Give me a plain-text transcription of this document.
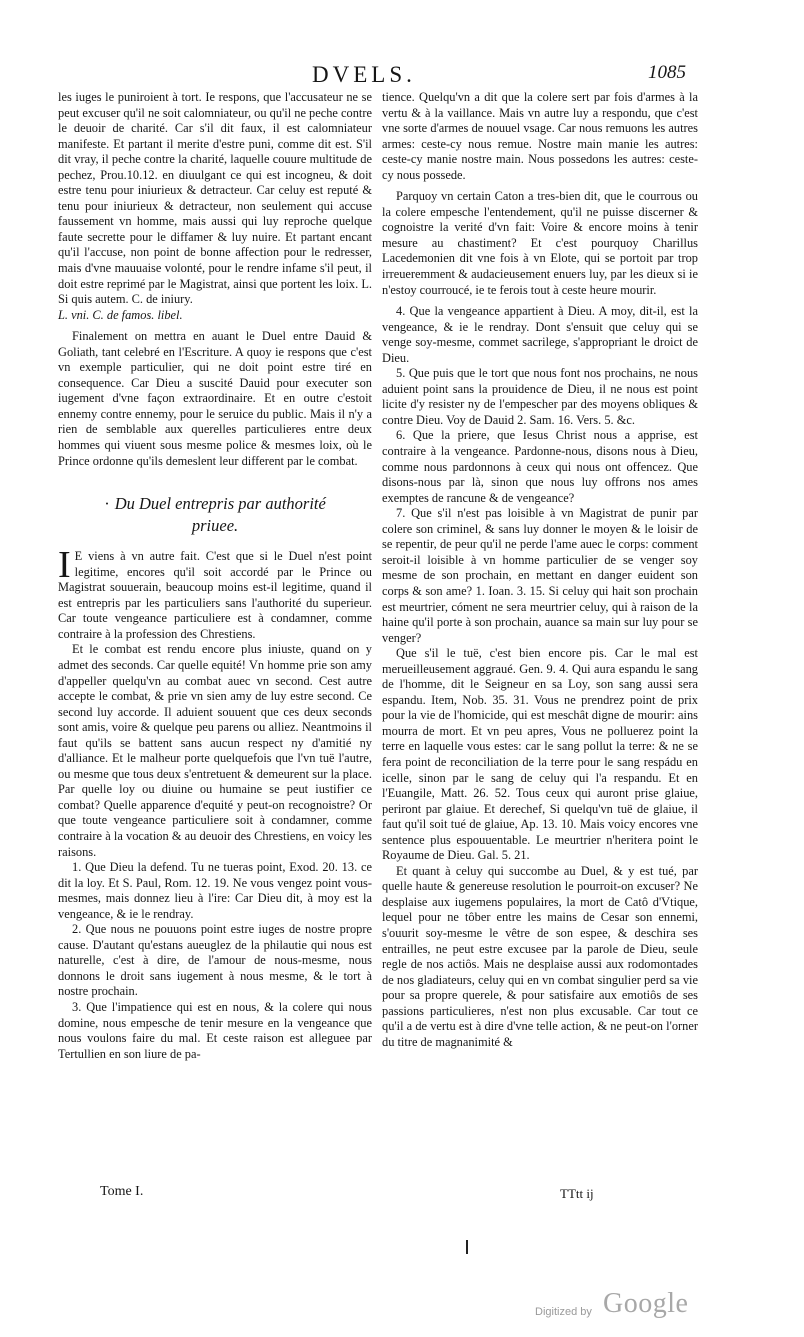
DVELS.	1085

les iuges le puniroient à tort. Ie respons, que l'accusateur ne se peut excuser qu'il ne soit calomniateur, ou qu'il ne peche contre le deuoir de charité. Car s'il dit faux, il est calomniateur manifeste. Et partant il merite d'estre puni, comme dit est. S'il dit vray, il peche contre la charité, laquelle couure multitude de pechez, Prou.10.12. en diuulgant ce qui est incogneu, & doit estre tenu pour iniurieux & detracteur. Car celuy est reputé & tenu pour iniurieux & detracteur, non seulement qui accuse faussement vn homme, mais aussi qui luy reproche quelque faute secrette pour le diffamer & luy nuire. Et partant encant qu'il l'accuse, non point de bonne affection pour le redresser, mais d'vne mauuaise volonté, pour le rendre infame s'il peut, il doit estre reprimé par le Magistrat, ainsi que portent les loix. L. Si quis autem. C. de iniury.

L. vni. C. de famos. libel.

Finalement on mettra en auant le Duel entre Dauid & Goliath, tant celebré en l'Escriture. A quoy ie respons que c'est vn exemple particulier, qui ne doit point estre tiré en consequence. Car Dieu a suscité Dauid pour executer son iugement d'vne façon extraordinaire. Et en outre c'estoit ennemy contre ennemy, pour le seruice du public. Mais il n'y a rien de semblable aux querelles particulieres entre deux hommes qui viuent sous mesme police & mesmes loix, où le Prince ordonne qu'ils demeslent leur different par le combat.

· Du Duel entrepris par authorité
priuee.

I E viens à vn autre fait. C'est que si le Duel n'est point legitime, encores qu'il soit accordé par le Prince ou Magistrat souuerain, beaucoup moins est-il legitime, quand il est entrepris par les particuliers sans l'authorité du superieur. Car toute vengeance particuliere est à condamner, comme contraire à la profession des Chrestiens.

Et le combat est rendu encore plus iniuste, quand on y admet des seconds. Car quelle equité! Vn homme prie son amy d'appeller quelqu'vn au combat auec vn second. Cest autre accepte le combat, & prie vn sien amy de luy estre second. Ce second luy accorde. Il aduient souuent que ces deux seconds sont amis, voire & quelque peu parens ou alliez. Neantmoins il faut qu'ils se battent sans aucun respect ny d'amitié ny d'alliance. Et le malheur porte quelquefois que l'vn tuë l'autre, ou mesme que tous deux s'entretuent & demeurent sur la place. Par quelle loy ou diuine ou humaine se peut iustifier ce combat? Quelle apparence d'equité y peut-on recognoistre? Or que toute vengeance particuliere soit à condamner, comme contraire à la vocation & au deuoir des Chrestiens, en voicy les raisons.

1. Que Dieu la defend. Tu ne tueras point, Exod. 20. 13. ce dit la loy. Et S. Paul, Rom. 12. 19. Ne vous vengez point vous-mesmes, mais donnez lieu à l'ire: Car Dieu dit, à moy est la vengeance, & ie le rendray.

2. Que nous ne pouuons point estre iuges de nostre propre cause. D'autant qu'estans aueuglez de la philautie qui nous est naturelle, c'est à dire, de l'amour de nous-mesme, nous donnons le droit sans iugement à nous mesme, & le tort à nostre prochain.

3. Que l'impatience qui est en nous, & la colere qui nous domine, nous empesche de tenir mesure en la vengeance que nous voulons faire du mal. Et ceste raison est alleguee par Tertullien en son liure de pa-

tience. Quelqu'vn a dit que la colere sert par fois d'armes à la vertu & à la vaillance. Mais vn autre luy a respondu, que c'est vne sorte d'armes de nouuel vsage. Car nous remuons les autres armes: ceste-cy nous remue. Nostre main manie les autres: ceste-cy manie nostre main. Nous possedons les autres: ceste-cy nous possede.

Parquoy vn certain Caton a tres-bien dit, que le courrous ou la colere empesche l'entendement, qu'il ne puisse discerner & cognoistre la verité d'vn fait: Voire & encore moins à tenir mesure au chastiment? Et c'est pourquoy Charillus Lacedemonien dit vne fois à vn Elote, qui se portoit par trop irreueremment & audacieusement enuers luy, par les dieux si ie n'estoy courroucé, ie te ferois tout à ceste heure mourir.

4. Que la vengeance appartient à Dieu. A moy, dit-il, est la vengeance, & ie le rendray. Dont s'ensuit que celuy qui se venge soy-mesme, commet sacrilege, s'appropriant le droict de Dieu.

5. Que puis que le tort que nous font nos prochains, ne nous aduient point sans la prouidence de Dieu, il ne nous est point licite d'y resister ny de l'empescher par des moyens obliques & contre Dieu. Voy de Dauid 2. Sam. 16. Vers. 5. &c.

6. Que la priere, que Iesus Christ nous a apprise, est contraire à la vengeance. Pardonne-nous, disons nous à Dieu, comme nous pardonnons à ceux qui nous ont offencez. Que disons-nous par là, sinon que nous luy offrons nos ames exemptes de rancune & de vengeance?

7. Que s'il n'est pas loisible à vn Magistrat de punir par colere son criminel, & sans luy donner le moyen & le loisir de se repentir, de peur qu'il ne perde l'ame auec le corps: comment seroit-il loisible à vn homme particulier de se venger soy mesme de son prochain, en mettant en danger euident son corps & son ame? 1. Ioan. 3. 15. Si celuy qui hait son prochain est meurtrier, cóment ne sera meurtrier celuy, qui à raison de la haine qu'il porte à son prochain, auance sa main sur luy pour se venger?

Que s'il le tuë, c'est bien encore pis. Car le mal est merueilleusement aggraué. Gen. 9. 4. Qui aura espandu le sang de l'homme, dit le Seigneur en sa Loy, son sang aussi sera espandu. Item, Nob. 35. 31. Vous ne prendrez point de prix pour la vie de l'homicide, qui est meschât digne de mourir: ains mourra de mort. Et vn peu apres, Vous ne polluerez point la terre en laquelle vous estes: car le sang pollut la terre: & ne se fera point de reconciliation de la terre pour le sang respádu en icelle, sinon par le sang de celuy qui l'a respandu. Et en l'Euangile, Matt. 26. 52. Tous ceux qui auront prise glaiue, periront par glaiue. Et derechef, Si quelqu'vn tuë de glaiue, il faut qu'il soit tué de glaiue, Ap. 13. 10. Mais voicy encores vne sentence plus espouuentable. Le meurtrier n'heritera point le Royaume de Dieu. Gal. 5. 21.

Et quant à celuy qui succombe au Duel, & y est tué, par quelle haute & genereuse resolution le pourroit-on excuser? Ne desplaise aux iugemens populaires, la mort de Catô d'Vtique, lequel pour ne tôber entre les mains de Cesar son ennemi, s'ouurit soy-mesme le vêtre de son espee, & deschira ses entrailles, ne peut estre excusee par la parole de Dieu, seule regle de nos actiôs. Mais ne desplaise aussi aux rodomontades de nos gladiateurs, celuy qui en vn combat singulier perd sa vie pour sa propre querele, & pour satisfaire aux emotiôs de ses passions particulieres, n'est non plus excusable. Car tout ce qu'il a de vertu est à dire d'vne telle action, & ne peut-on l'orner du titre de magnanimité &

Tome I.	TTtt ij
Digitized by Google
